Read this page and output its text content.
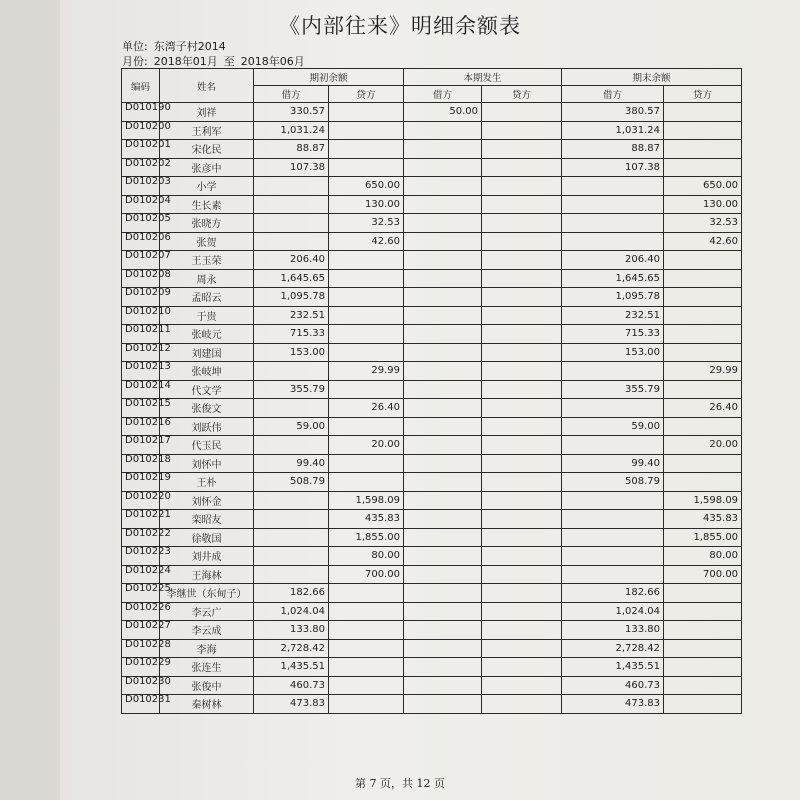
《内部往来》明细余额表
单位: 东湾子村2014
月份: 2018年01月 至 2018年06月
编码	姓名	期初余额		本期发生		期末余额	
		借方	贷方	借方	贷方	借方	贷方
D010190	刘祥	330.57		50.00		380.57	
D010200	王利军	1,031.24				1,031.24	
D010201	宋化民	88.87				88.87	
D010202	张彦中	107.38				107.38	
D010203	小学		650.00				650.00
D010204	生长素		130.00				130.00
D010205	张晓方		32.53				32.53
D010206	张贺		42.60				42.60
D010207	王玉荣	206.40				206.40	
D010208	周永	1,645.65				1,645.65	
D010209	孟昭云	1,095.78				1,095.78	
D010210	于贵	232.51				232.51	
D010211	张岐元	715.33				715.33	
D010212	刘建国	153.00				153.00	
D010213	张岐坤		29.99				29.99
D010214	代文学	355.79				355.79	
D010215	张俊文		26.40				26.40
D010216	刘跃伟	59.00				59.00	
D010217	代玉民		20.00				20.00
D010218	刘怀中	99.40				99.40	
D010219	王朴	508.79				508.79	
D010220	刘怀金		1,598.09				1,598.09
D010221	栾昭友		435.83				435.83
D010222	徐敬国		1,855.00				1,855.00
D010223	刘井成		80.00				80.00
D010224	王海林		700.00				700.00
D010225	李继世（东甸子）	182.66				182.66	
D010226	李云广	1,024.04				1,024.04	
D010227	李云成	133.80				133.80	
D010228	李海	2,728.42				2,728.42	
D010229	张连生	1,435.51				1,435.51	
D010230	张俊中	460.73				460.73	
D010231	秦树林	473.83				473.83	
第 7 页，共 12 页
